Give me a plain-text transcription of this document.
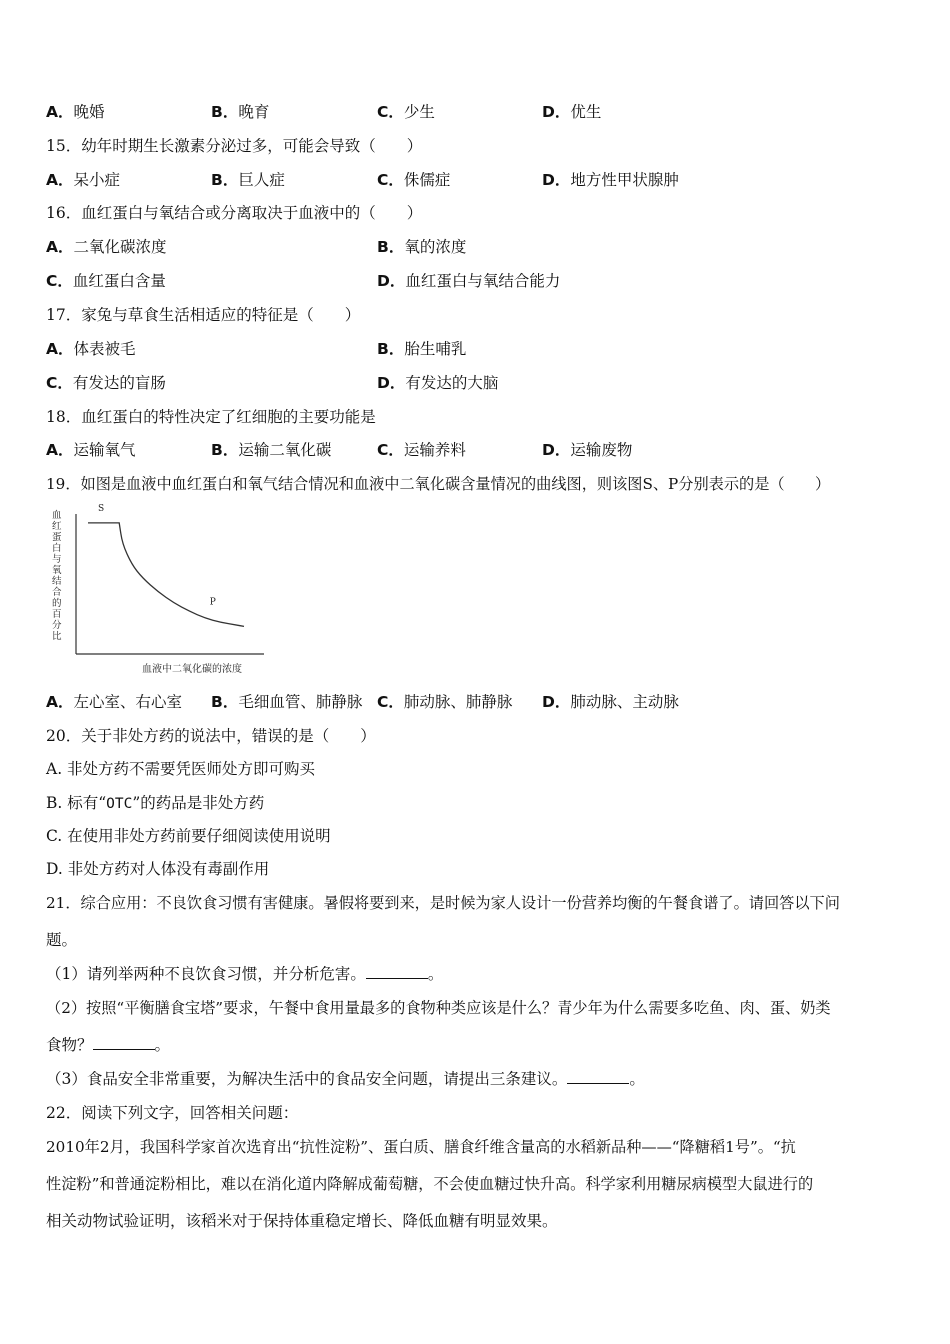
A．晚婚	B．晚育	C．少生	D．优生
15．幼年时期生长激素分泌过多，可能会导致（　　）
A．呆小症	B．巨人症	C．侏儒症	D．地方性甲状腺肿
16．血红蛋白与氧结合或分离取决于血液中的（　　）
A．二氧化碳浓度	B．氧的浓度
C．血红蛋白含量	D．血红蛋白与氧结合能力
17．家兔与草食生活相适应的特征是（　　）
A．体表被毛	B．胎生哺乳
C．有发达的盲肠	D．有发达的大脑
18．血红蛋白的特性决定了红细胞的主要功能是
A．运输氧气	B．运输二氧化碳	C．运输养料	D．运输废物
19．如图是血液中血红蛋白和氧气结合情况和血液中二氧化碳含量情况的曲线图，则该图S、P分别表示的是（　　）
血
红
蛋
白
与
氧
结
合
的
百
分
比
S
P
血液中二氧化碳的浓度
A．左心室、右心室 B．毛细血管、肺静脉 C．肺动脉、肺静脉 D．肺动脉、主动脉
20．关于非处方药的说法中，错误的是（　　）
A. 非处方药不需要凭医师处方即可购买
B. 标有“OTC”的药品是非处方药
C. 在使用非处方药前要仔细阅读使用说明
D. 非处方药对人体没有毒副作用
21．综合应用：不良饮食习惯有害健康。暑假将要到来，是时候为家人设计一份营养均衡的午餐食谱了。请回答以下问
题。
（1）请列举两种不良饮食习惯，并分析危害。	。
（2）按照“平衡膳食宝塔”要求，午餐中食用量最多的食物种类应该是什么？青少年为什么需要多吃鱼、肉、蛋、奶类
食物？	。
（3）食品安全非常重要，为解决生活中的食品安全问题，请提出三条建议。	。
22．阅读下列文字，回答相关问题：
2010年2月，我国科学家首次选育出“抗性淀粉”、蛋白质、膳食纤维含量高的水稻新品种——“降糖稻1号”。“抗
性淀粉”和普通淀粉相比，难以在消化道内降解成葡萄糖，不会使血糖过快升高。科学家利用糖尿病模型大鼠进行的
相关动物试验证明，该稻米对于保持体重稳定增长、降低血糖有明显效果。
